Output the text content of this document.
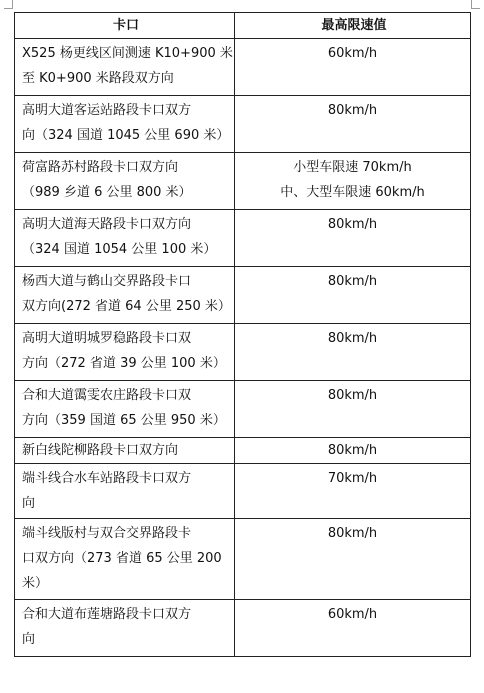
卡口	最高限速值

X525 杨更线区间测速 K10+900 米
至 K0+900 米路段双方向	60km/h

高明大道客运站路段卡口双方
向（324 国道 1045 公里 690 米）	80km/h

荷富路苏村路段卡口双方向
（989 乡道 6 公里 800 米）	小型车限速 70km/h
中、大型车限速 60km/h

高明大道海天路段卡口双方向
（324 国道 1054 公里 100 米）	80km/h

杨西大道与鹤山交界路段卡口
双方向(272 省道 64 公里 250 米）	80km/h

高明大道明城罗稳路段卡口双
方向（272 省道 39 公里 100 米）	80km/h

合和大道霭雯农庄路段卡口双
方向（359 国道 65 公里 950 米）	80km/h

新白线陀柳路段卡口双方向	80km/h

端斗线合水车站路段卡口双方
向	70km/h

端斗线版村与双合交界路段卡
口双方向（273 省道 65 公里 200
米）	80km/h

合和大道布莲塘路段卡口双方
向	60km/h
